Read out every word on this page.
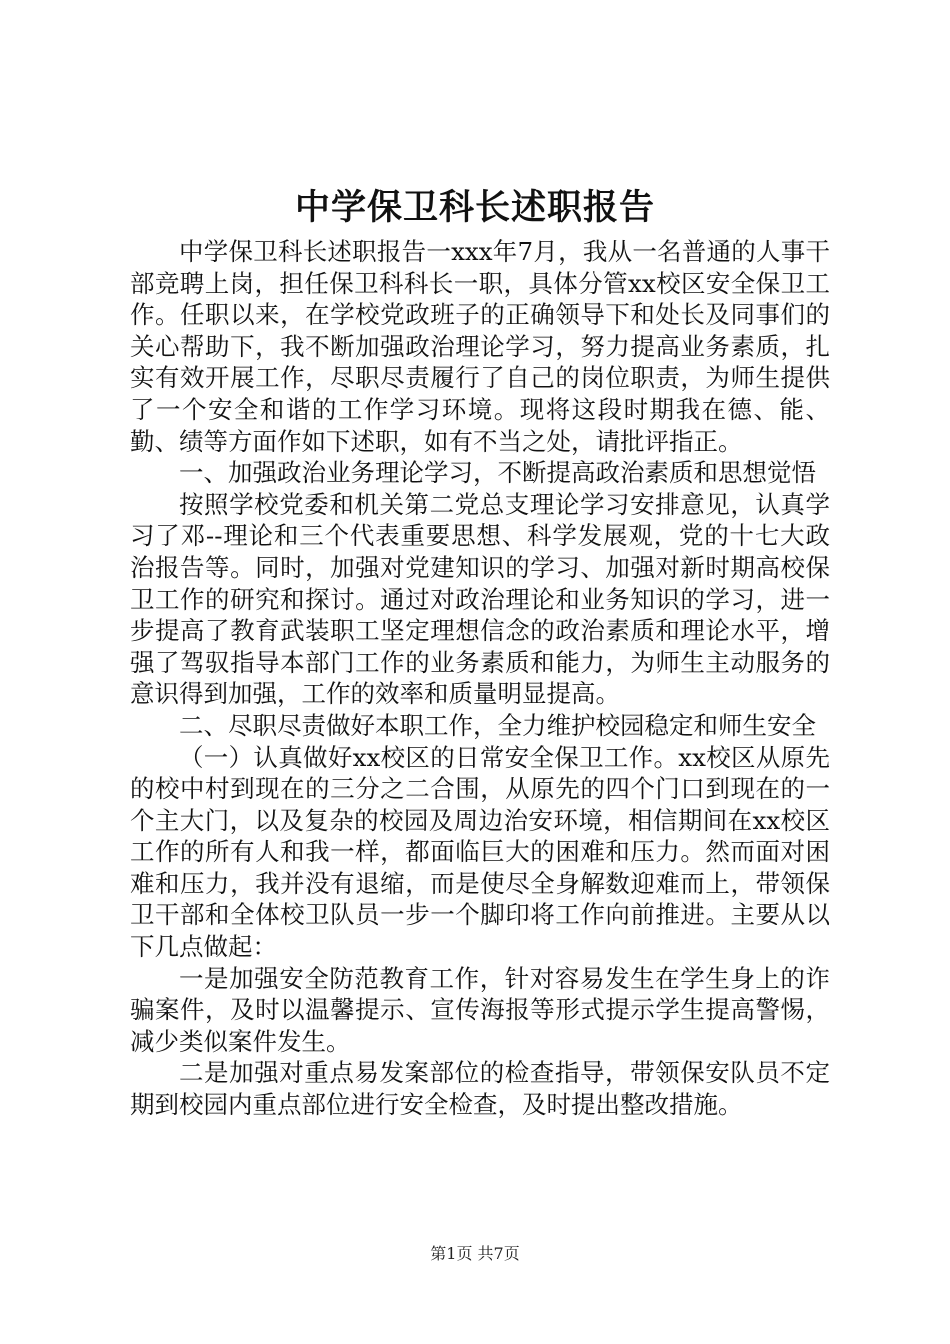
中学保卫科长述职报告

中学保卫科长述职报告一xxx年7月，我从一名普通的人事干部竞聘上岗，担任保卫科科长一职，具体分管xx校区安全保卫工作。任职以来，在学校党政班子的正确领导下和处长及同事们的关心帮助下，我不断加强政治理论学习，努力提高业务素质，扎实有效开展工作，尽职尽责履行了自己的岗位职责，为师生提供了一个安全和谐的工作学习环境。现将这段时期我在德、能、勤、绩等方面作如下述职，如有不当之处，请批评指正。

一、加强政治业务理论学习，不断提高政治素质和思想觉悟

按照学校党委和机关第二党总支理论学习安排意见，认真学习了邓--理论和三个代表重要思想、科学发展观，党的十七大政治报告等。同时，加强对党建知识的学习、加强对新时期高校保卫工作的研究和探讨。通过对政治理论和业务知识的学习，进一步提高了教育武装职工坚定理想信念的政治素质和理论水平，增强了驾驭指导本部门工作的业务素质和能力，为师生主动服务的意识得到加强，工作的效率和质量明显提高。

二、尽职尽责做好本职工作，全力维护校园稳定和师生安全

（一）认真做好xx校区的日常安全保卫工作。xx校区从原先的校中村到现在的三分之二合围，从原先的四个门口到现在的一个主大门，以及复杂的校园及周边治安环境，相信期间在xx校区工作的所有人和我一样，都面临巨大的困难和压力。然而面对困难和压力，我并没有退缩，而是使尽全身解数迎难而上，带领保卫干部和全体校卫队员一步一个脚印将工作向前推进。主要从以下几点做起：

一是加强安全防范教育工作，针对容易发生在学生身上的诈骗案件，及时以温馨提示、宣传海报等形式提示学生提高警惕，减少类似案件发生。

二是加强对重点易发案部位的检查指导，带领保安队员不定期到校园内重点部位进行安全检查，及时提出整改措施。

第1页 共7页
